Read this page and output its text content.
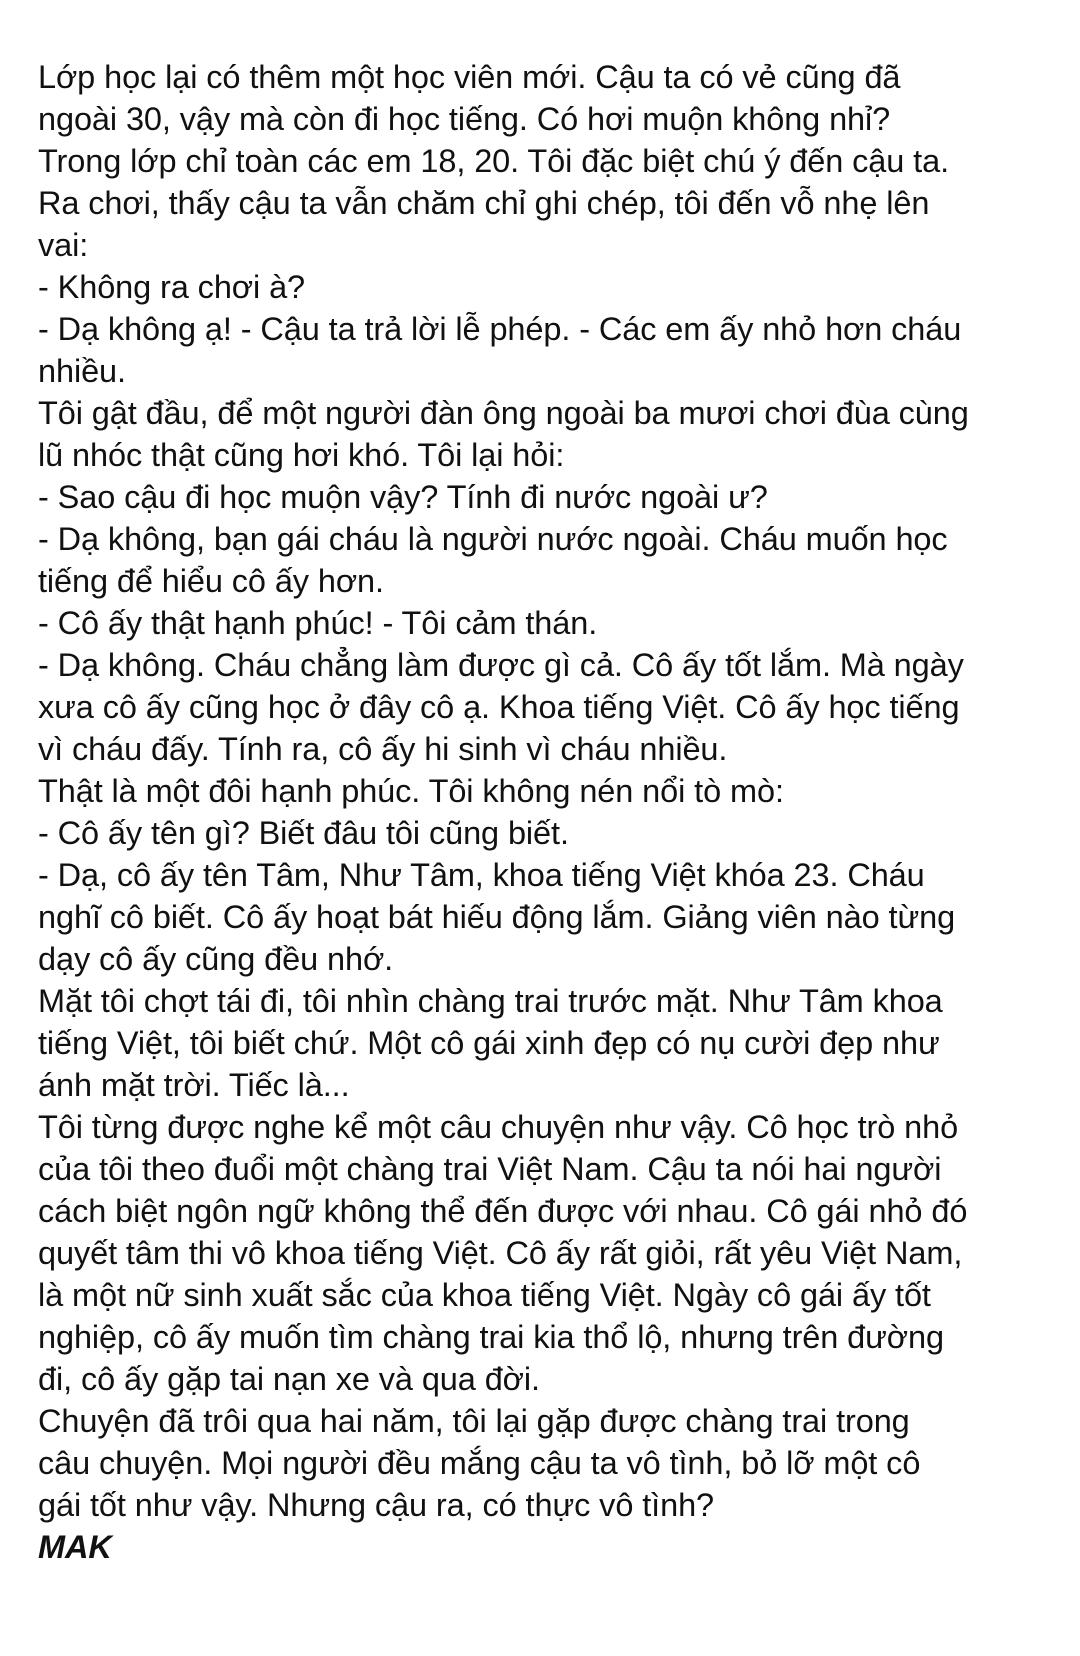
Lớp học lại có thêm một học viên mới. Cậu ta có vẻ cũng đã
ngoài 30, vậy mà còn đi học tiếng. Có hơi muộn không nhỉ?
Trong lớp chỉ toàn các em 18, 20. Tôi đặc biệt chú ý đến cậu ta.
Ra chơi, thấy cậu ta vẫn chăm chỉ ghi chép, tôi đến vỗ nhẹ lên
vai:
- Không ra chơi à?
- Dạ không ạ! - Cậu ta trả lời lễ phép. - Các em ấy nhỏ hơn cháu
nhiều.
Tôi gật đầu, để một người đàn ông ngoài ba mươi chơi đùa cùng
lũ nhóc thật cũng hơi khó. Tôi lại hỏi:
- Sao cậu đi học muộn vậy? Tính đi nước ngoài ư?
- Dạ không, bạn gái cháu là người nước ngoài. Cháu muốn học
tiếng để hiểu cô ấy hơn.
- Cô ấy thật hạnh phúc! - Tôi cảm thán.
- Dạ không. Cháu chẳng làm được gì cả. Cô ấy tốt lắm. Mà ngày
xưa cô ấy cũng học ở đây cô ạ. Khoa tiếng Việt. Cô ấy học tiếng
vì cháu đấy. Tính ra, cô ấy hi sinh vì cháu nhiều.
Thật là một đôi hạnh phúc. Tôi không nén nổi tò mò:
- Cô ấy tên gì? Biết đâu tôi cũng biết.
- Dạ, cô ấy tên Tâm, Như Tâm, khoa tiếng Việt khóa 23. Cháu
nghĩ cô biết. Cô ấy hoạt bát hiếu động lắm. Giảng viên nào từng
dạy cô ấy cũng đều nhớ.
Mặt tôi chợt tái đi, tôi nhìn chàng trai trước mặt. Như Tâm khoa
tiếng Việt, tôi biết chứ. Một cô gái xinh đẹp có nụ cười đẹp như
ánh mặt trời. Tiếc là...
Tôi từng được nghe kể một câu chuyện như vậy. Cô học trò nhỏ
của tôi theo đuổi một chàng trai Việt Nam. Cậu ta nói hai người
cách biệt ngôn ngữ không thể đến được với nhau. Cô gái nhỏ đó
quyết tâm thi vô khoa tiếng Việt. Cô ấy rất giỏi, rất yêu Việt Nam,
là một nữ sinh xuất sắc của khoa tiếng Việt. Ngày cô gái ấy tốt
nghiệp, cô ấy muốn tìm chàng trai kia thổ lộ, nhưng trên đường
đi, cô ấy gặp tai nạn xe và qua đời.
Chuyện đã trôi qua hai năm, tôi lại gặp được chàng trai trong
câu chuyện. Mọi người đều mắng cậu ta vô tình, bỏ lỡ một cô
gái tốt như vậy. Nhưng cậu ra, có thực vô tình?
MAK
